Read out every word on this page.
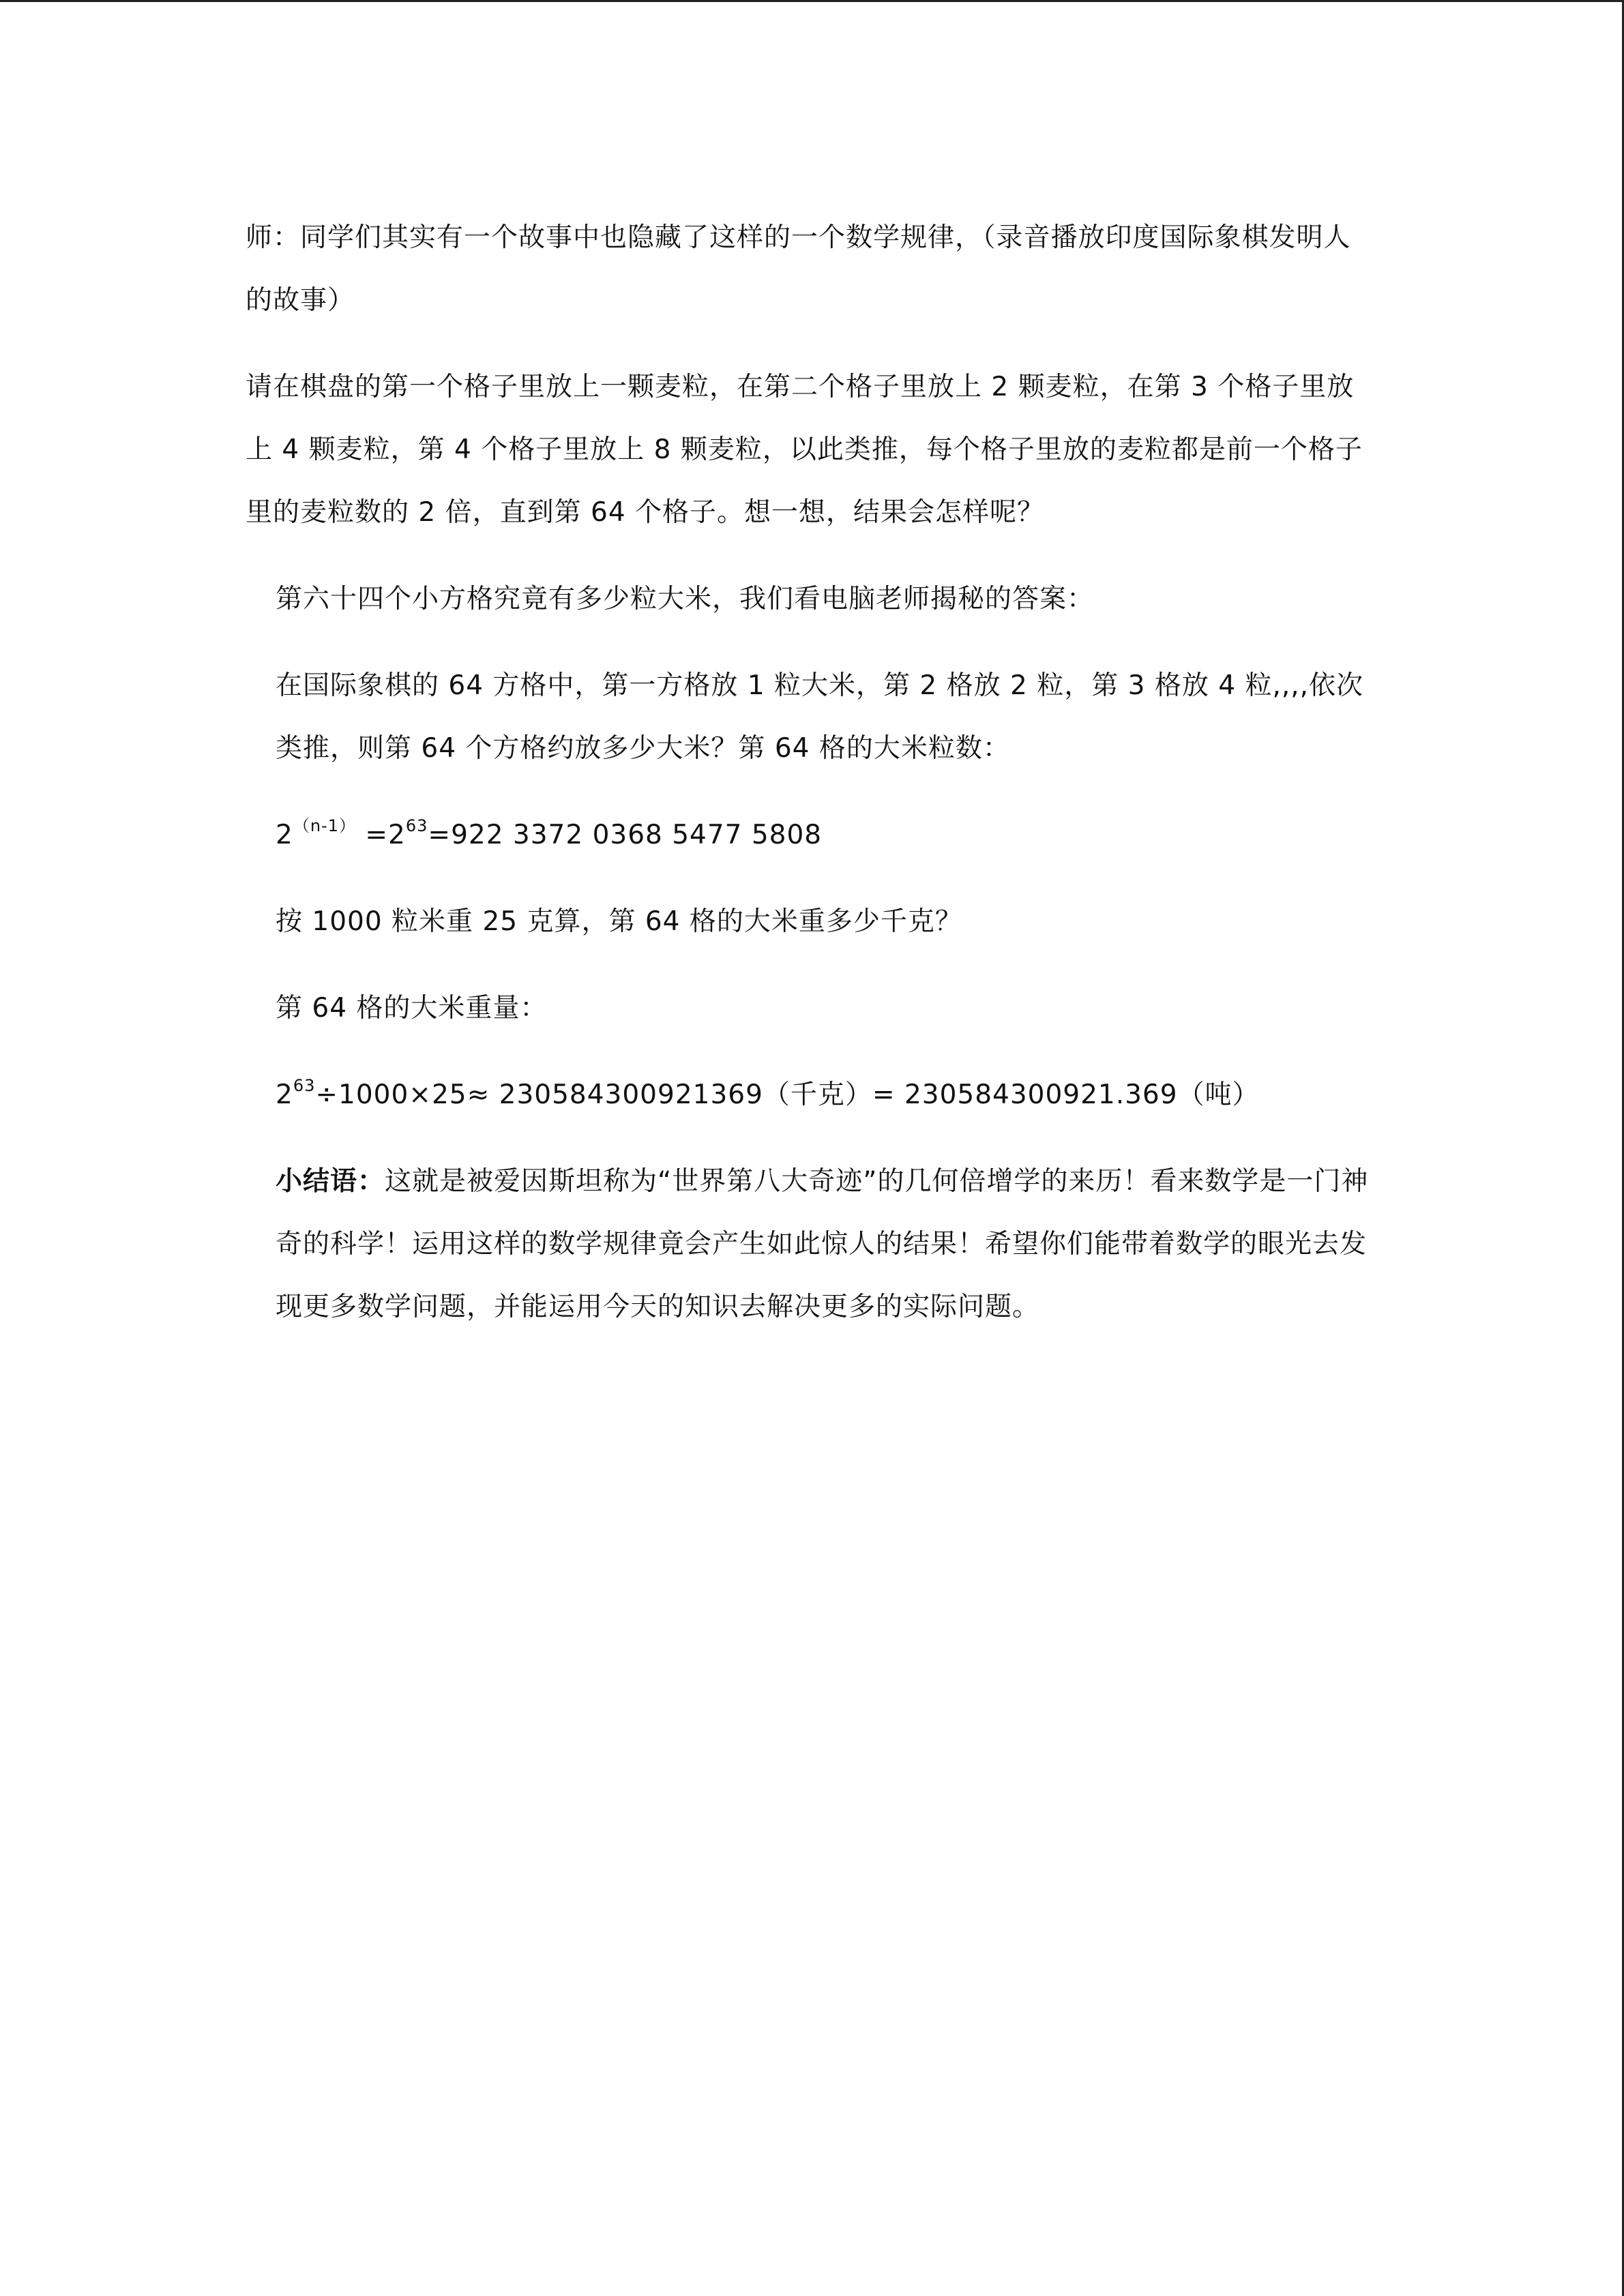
师：同学们其实有一个故事中也隐藏了这样的一个数学规律，（录音播放印度国际象棋发明人的故事）

请在棋盘的第一个格子里放上一颗麦粒，在第二个格子里放上 2 颗麦粒，在第 3 个格子里放上 4 颗麦粒，第 4 个格子里放上 8 颗麦粒，以此类推，每个格子里放的麦粒都是前一个格子里的麦粒数的 2 倍，直到第 64 个格子。想一想，结果会怎样呢？

第六十四个小方格究竟有多少粒大米，我们看电脑老师揭秘的答案：

在国际象棋的 64 方格中，第一方格放 1 粒大米，第 2 格放 2 粒，第 3 格放 4 粒,,,,依次类推，则第 64 个方格约放多少大米？第 64 格的大米粒数：

$2^{(n-1)} =2^{63}=922$ 3372 0368 5477 5808

按 1000 粒米重 25 克算，第 64 格的大米重多少千克？

第 64 格的大米重量：

$2^{63}\div 1000\times 25\approx 230584300921369$（千克）= 230584300921.369（吨）

小结语：这就是被爱因斯坦称为“世界第八大奇迹”的几何倍增学的来历！看来数学是一门神奇的科学！运用这样的数学规律竟会产生如此惊人的结果！希望你们能带着数学的眼光去发现更多数学问题，并能运用今天的知识去解决更多的实际问题。
